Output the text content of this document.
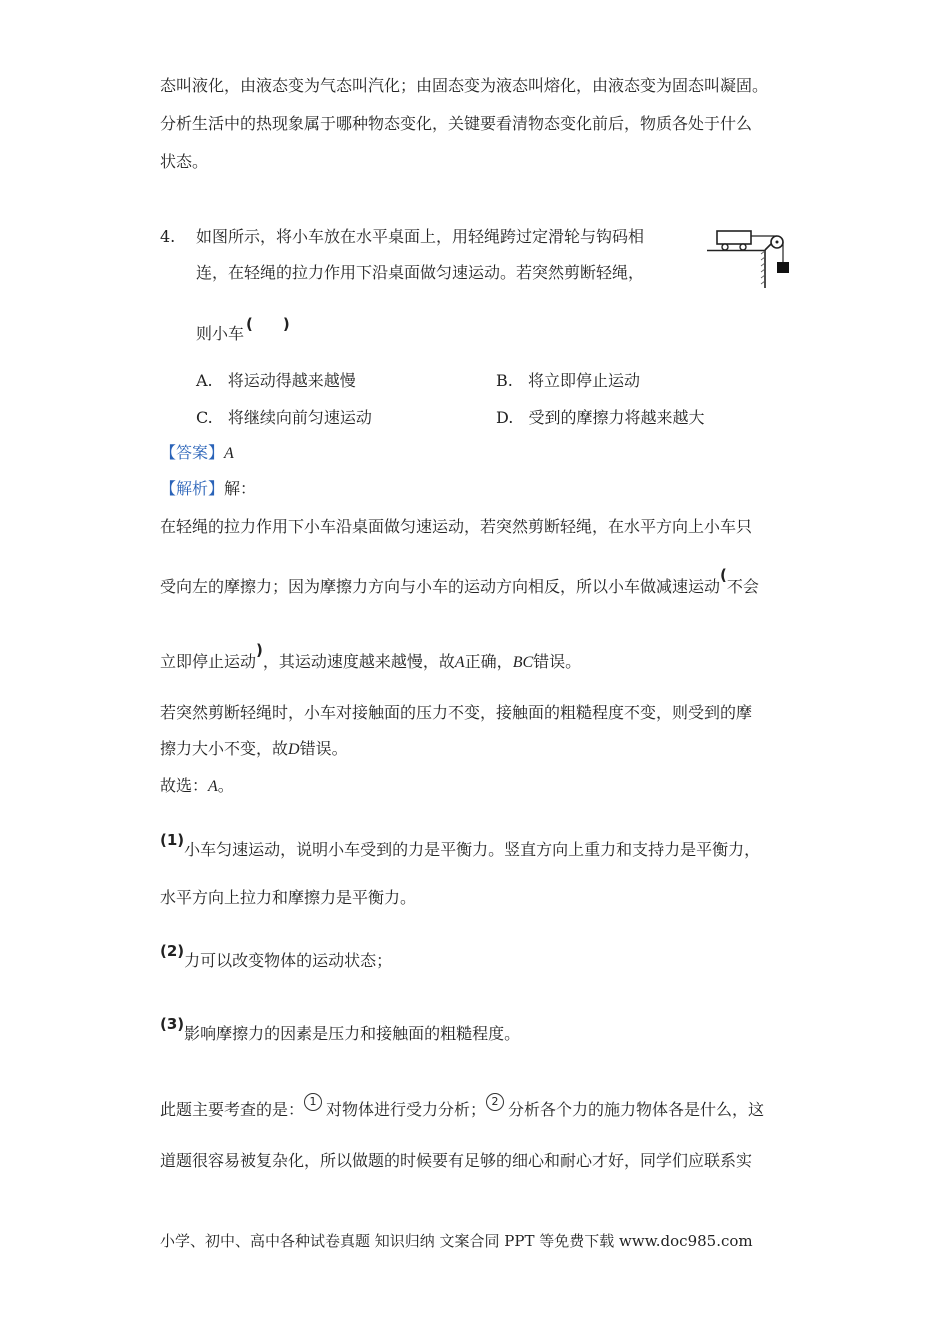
态叫液化，由液态变为气态叫汽化；由固态变为液态叫熔化，由液态变为固态叫凝固。
分析生活中的热现象属于哪种物态变化，关键要看清物态变化前后，物质各处于什么
状态。
4. 如图所示，将小车放在水平桌面上，用轻绳跨过定滑轮与钩码相
连，在轻绳的拉力作用下沿桌面做匀速运动。若突然剪断轻绳，
则小车 ( )
A. 将运动得越来越慢	B. 将立即停止运动
C. 将继续向前匀速运动	D. 受到的摩擦力将越来越大
【答案】A
【解析】解：
在轻绳的拉力作用下小车沿桌面做匀速运动，若突然剪断轻绳，在水平方向上小车只
受向左的摩擦力；因为摩擦力方向与小车的运动方向相反，所以小车做减速运动(不会
立即停止运动)，其运动速度越来越慢，故A正确，BC错误。
若突然剪断轻绳时，小车对接触面的压力不变，接触面的粗糙程度不变，则受到的摩
擦力大小不变，故D错误。
故选：A。
(1)小车匀速运动，说明小车受到的力是平衡力。竖直方向上重力和支持力是平衡力，
水平方向上拉力和摩擦力是平衡力。
(2)力可以改变物体的运动状态；
(3)影响摩擦力的因素是压力和接触面的粗糙程度。
此题主要考查的是： 1 对物体进行受力分析； 2 分析各个力的施力物体各是什么，这
道题很容易被复杂化，所以做题的时候要有足够的细心和耐心才好，同学们应联系实
小学、初中、高中各种试卷真题 知识归纳 文案合同 PPT 等免费下载 www.doc985.com
